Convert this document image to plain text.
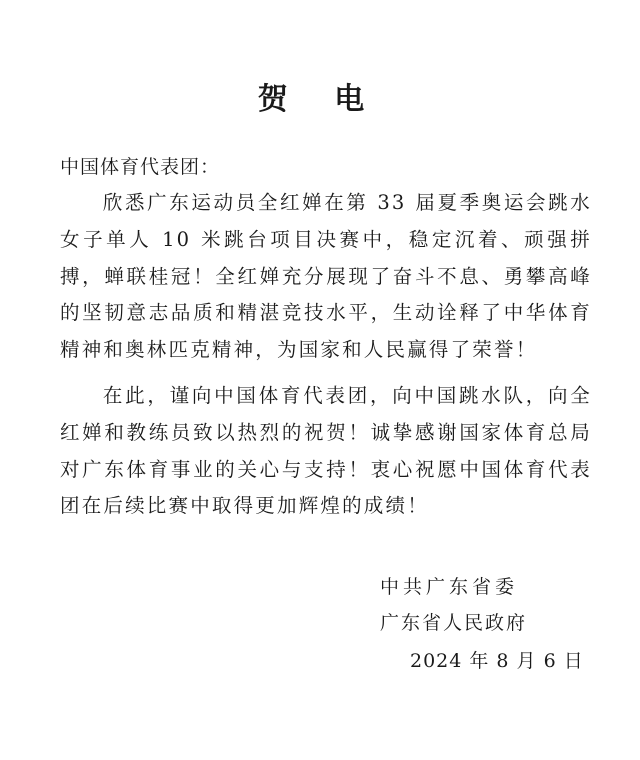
贺 电
中国体育代表团：

欣悉广东运动员全红婵在第 33 届夏季奥运会跳水女子单人 10 米跳台项目决赛中，稳定沉着、顽强拼搏，蝉联桂冠！全红婵充分展现了奋斗不息、勇攀高峰的坚韧意志品质和精湛竞技水平，生动诠释了中华体育精神和奥林匹克精神，为国家和人民赢得了荣誉！

在此，谨向中国体育代表团，向中国跳水队，向全红婵和教练员致以热烈的祝贺！诚挚感谢国家体育总局对广东体育事业的关心与支持！衷心祝愿中国体育代表团在后续比赛中取得更加辉煌的成绩！

中共广东省委
广东省人民政府
2024 年 8 月 6 日
